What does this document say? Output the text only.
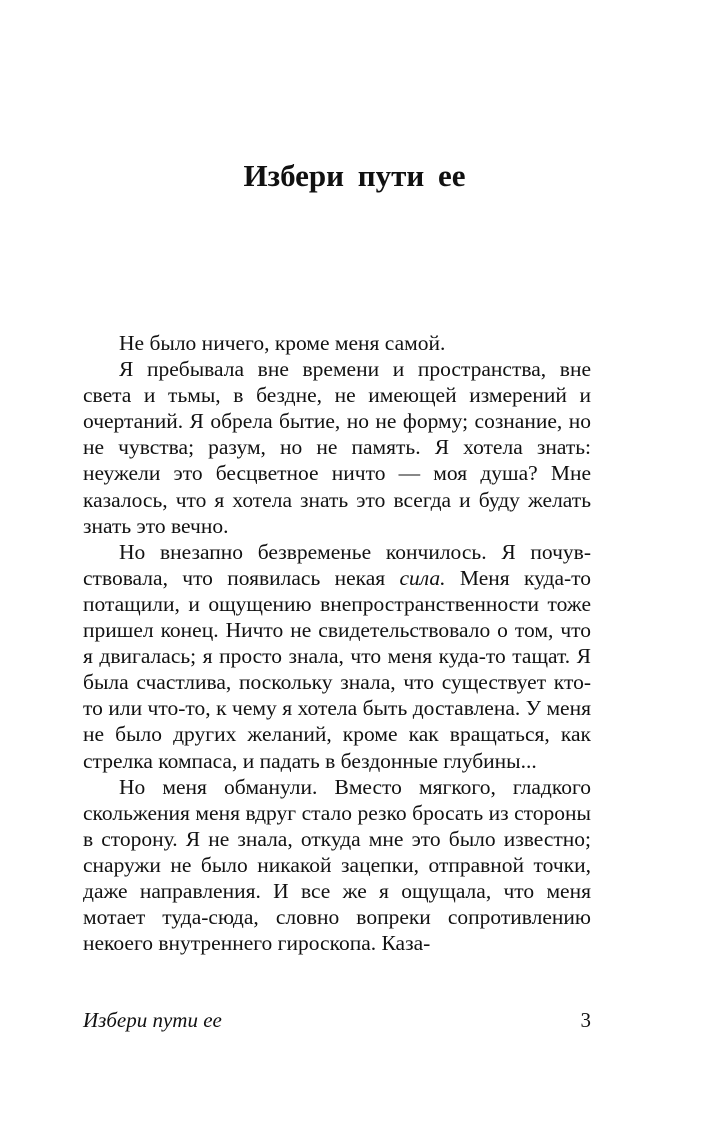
Избери пути ее

Не было ничего, кроме меня самой.

Я пребывала вне времени и пространства, вне света и тьмы, в бездне, не имеющей измерений и очертаний. Я обрела бытие, но не форму; сознание, но не чувства; разум, но не память. Я хотела знать: неужели это бесцветное ничто — моя душа? Мне казалось, что я хотела знать это всегда и буду желать знать это вечно.

Но внезапно безвременье кончилось. Я почувствовала, что появилась некая сила. Меня куда-то потащили, и ощущению внепространственности тоже пришел конец. Ничто не свидетельствовало о том, что я двигалась; я просто знала, что меня куда-то тащат. Я была счастлива, поскольку знала, что существует кто-то или что-то, к чему я хотела быть доставлена. У меня не было других желаний, кроме как вращаться, как стрелка компаса, и падать в бездонные глубины...

Но меня обманули. Вместо мягкого, гладкого скольжения меня вдруг стало резко бросать из стороны в сторону. Я не знала, откуда мне это было известно; снаружи не было никакой зацепки, отправной точки, даже направления. И все же я ощущала, что меня мотает туда-сюда, словно вопреки сопротивлению некоего внутреннего гироскопа. Каза-

Избери пути ее	3
